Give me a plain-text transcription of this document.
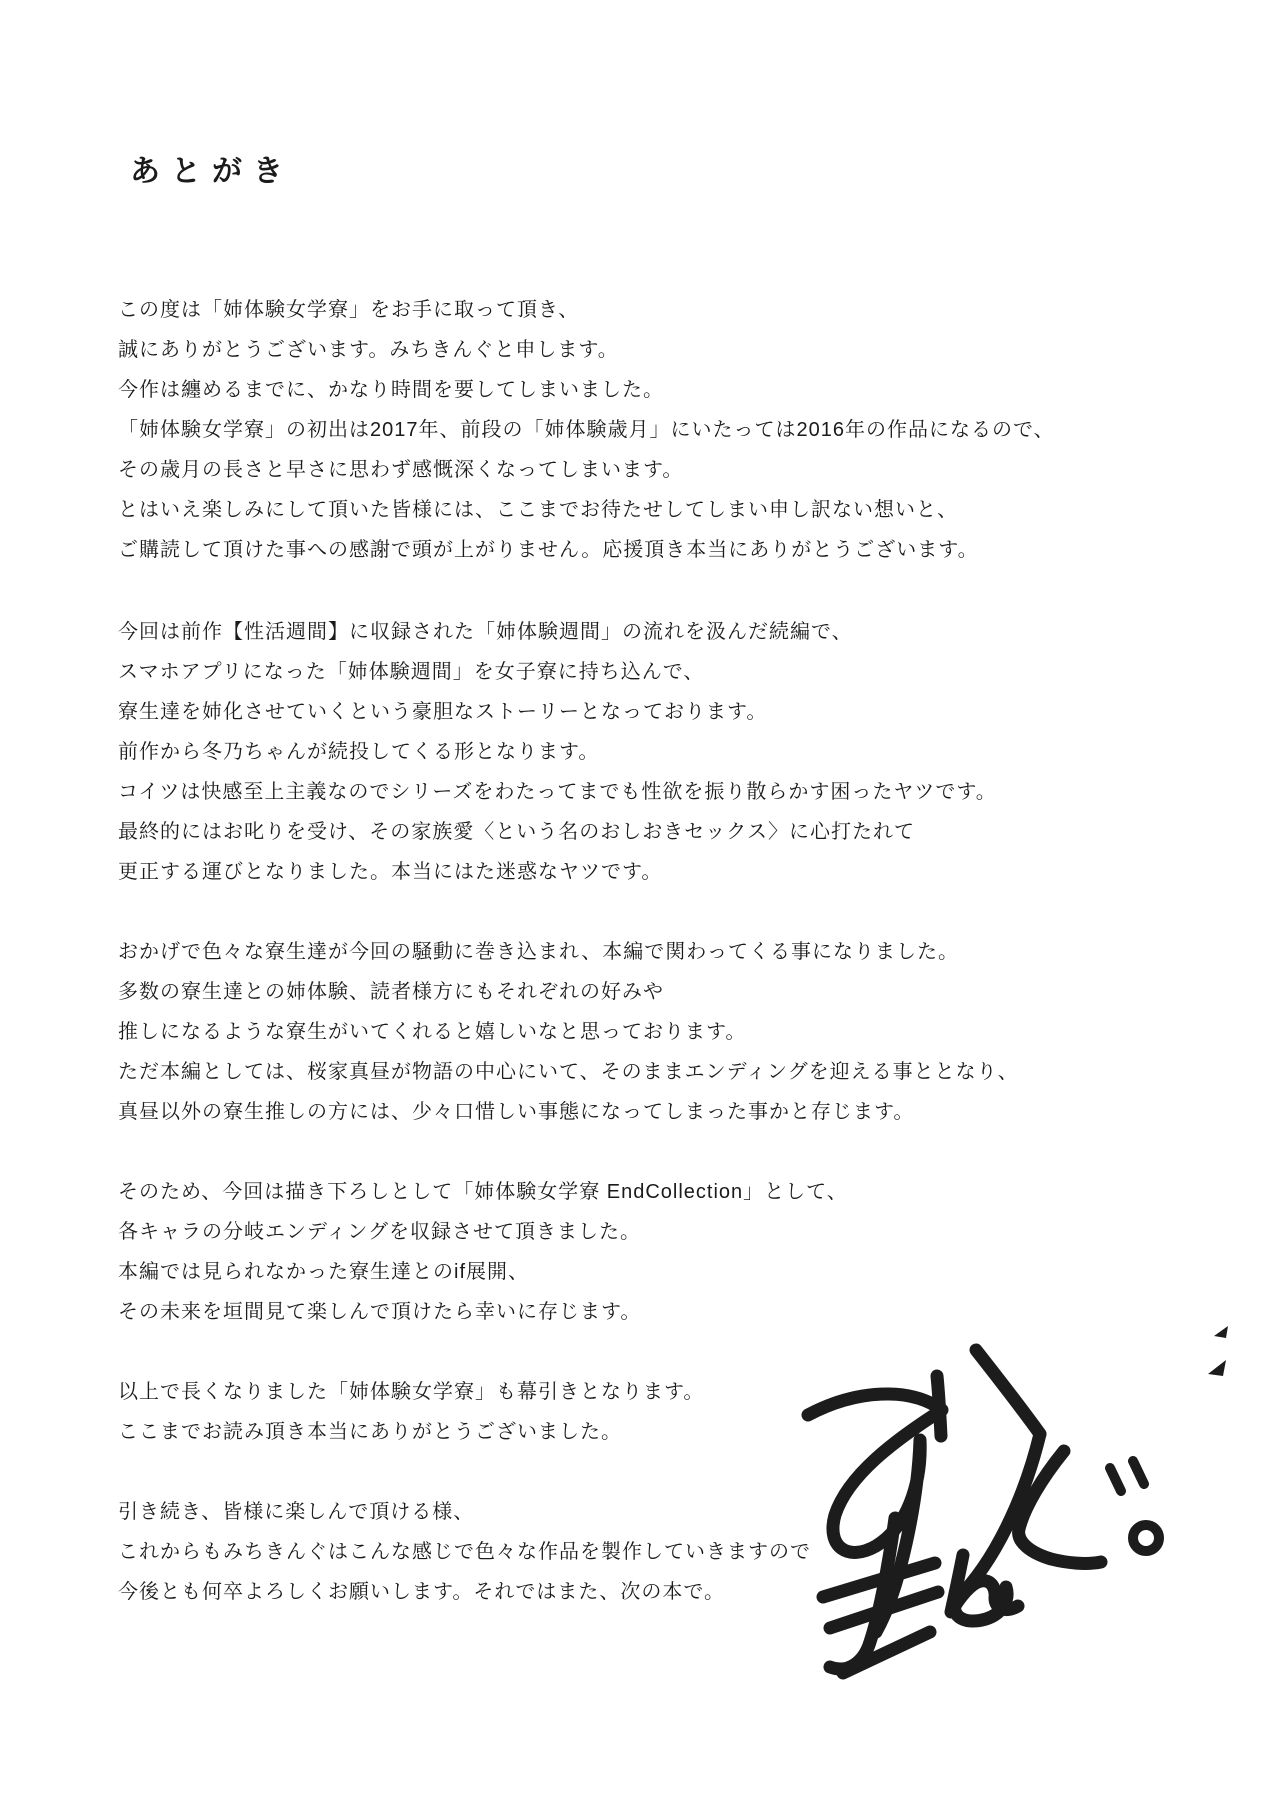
あとがき
この度は「姉体験女学寮」をお手に取って頂き、
誠にありがとうございます。みちきんぐと申します。
今作は纏めるまでに、かなり時間を要してしまいました。
「姉体験女学寮」の初出は2017年、前段の「姉体験歳月」にいたっては2016年の作品になるので、
その歳月の長さと早さに思わず感慨深くなってしまいます。
とはいえ楽しみにして頂いた皆様には、ここまでお待たせしてしまい申し訳ない想いと、
ご購読して頂けた事への感謝で頭が上がりません。応援頂き本当にありがとうございます。
今回は前作【性活週間】に収録された「姉体験週間」の流れを汲んだ続編で、
スマホアプリになった「姉体験週間」を女子寮に持ち込んで、
寮生達を姉化させていくという豪胆なストーリーとなっております。
前作から冬乃ちゃんが続投してくる形となります。
コイツは快感至上主義なのでシリーズをわたってまでも性欲を振り散らかす困ったヤツです。
最終的にはお叱りを受け、その家族愛〈という名のおしおきセックス〉に心打たれて
更正する運びとなりました。本当にはた迷惑なヤツです。
おかげで色々な寮生達が今回の騒動に巻き込まれ、本編で関わってくる事になりました。
多数の寮生達との姉体験、読者様方にもそれぞれの好みや
推しになるような寮生がいてくれると嬉しいなと思っております。
ただ本編としては、桜家真昼が物語の中心にいて、そのままエンディングを迎える事ととなり、
真昼以外の寮生推しの方には、少々口惜しい事態になってしまった事かと存じます。
そのため、今回は描き下ろしとして「姉体験女学寮 EndCollection」として、
各キャラの分岐エンディングを収録させて頂きました。
本編では見られなかった寮生達とのif展開、
その未来を垣間見て楽しんで頂けたら幸いに存じます。
以上で長くなりました「姉体験女学寮」も幕引きとなります。
ここまでお読み頂き本当にありがとうございました。
引き続き、皆様に楽しんで頂ける様、
これからもみちきんぐはこんな感じで色々な作品を製作していきますので
今後とも何卒よろしくお願いします。それではまた、次の本で。
